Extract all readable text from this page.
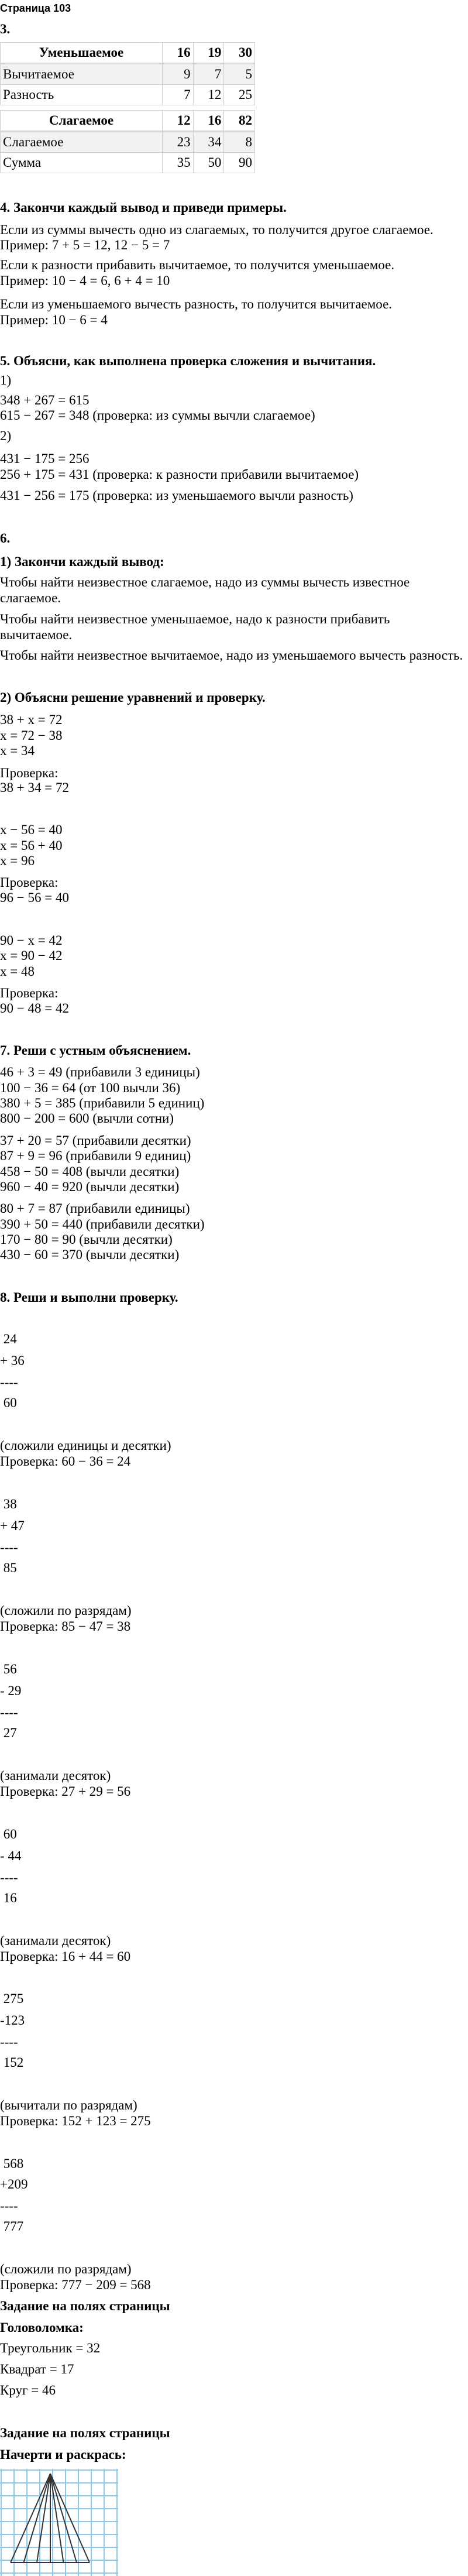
Страница 103
3.
Уменьшаемое	16	19	30
Вычитаемое	9	7	5
Разность	7	12	25
Слагаемое	12	16	82
Слагаемое	23	34	8
Сумма	35	50	90
4. Закончи каждый вывод и приведи примеры.
Если из суммы вычесть одно из слагаемых, то получится другое слагаемое.
Пример: 7 + 5 = 12, 12 − 5 = 7
Если к разности прибавить вычитаемое, то получится уменьшаемое.
Пример: 10 − 4 = 6, 6 + 4 = 10
Если из уменьшаемого вычесть разность, то получится вычитаемое.
Пример: 10 − 6 = 4
5. Объясни, как выполнена проверка сложения и вычитания.
1)
348 + 267 = 615
615 − 267 = 348 (проверка: из суммы вычли слагаемое)
2)
431 − 175 = 256
256 + 175 = 431 (проверка: к разности прибавили вычитаемое)
431 − 256 = 175 (проверка: из уменьшаемого вычли разность)
6.
1) Закончи каждый вывод:
Чтобы найти неизвестное слагаемое, надо из суммы вычесть известное
слагаемое.
Чтобы найти неизвестное уменьшаемое, надо к разности прибавить
вычитаемое.
Чтобы найти неизвестное вычитаемое, надо из уменьшаемого вычесть разность.
2) Объясни решение уравнений и проверку.
38 + x = 72
x = 72 − 38
x = 34
Проверка:
38 + 34 = 72
x − 56 = 40
x = 56 + 40
x = 96
Проверка:
96 − 56 = 40
90 − x = 42
x = 90 − 42
x = 48
Проверка:
90 − 48 = 42
7. Реши с устным объяснением.
46 + 3 = 49 (прибавили 3 единицы)
100 − 36 = 64 (от 100 вычли 36)
380 + 5 = 385 (прибавили 5 единиц)
800 − 200 = 600 (вычли сотни)
37 + 20 = 57 (прибавили десятки)
87 + 9 = 96 (прибавили 9 единиц)
458 − 50 = 408 (вычли десятки)
960 − 40 = 920 (вычли десятки)
80 + 7 = 87 (прибавили единицы)
390 + 50 = 440 (прибавили десятки)
170 − 80 = 90 (вычли десятки)
430 − 60 = 370 (вычли десятки)
8. Реши и выполни проверку.
24
+ 36
----
60
(сложили единицы и десятки)
Проверка: 60 − 36 = 24
38
+ 47
----
85
(сложили по разрядам)
Проверка: 85 − 47 = 38
56
- 29
----
27
(занимали десяток)
Проверка: 27 + 29 = 56
60
- 44
----
16
(занимали десяток)
Проверка: 16 + 44 = 60
275
-123
----
152
(вычитали по разрядам)
Проверка: 152 + 123 = 275
568
+209
----
777
(сложили по разрядам)
Проверка: 777 − 209 = 568
Задание на полях страницы
Головоломка:
Треугольник = 32
Квадрат = 17
Круг = 46
Задание на полях страницы
Начерти и раскрась:
